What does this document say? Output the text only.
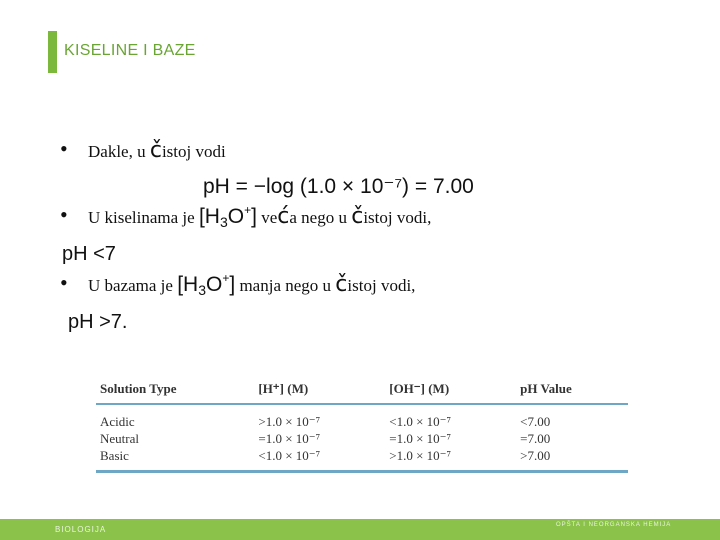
KISELINE I BAZE
• Dakle, u čistoj vodi
pH = −log (1.0 × 10⁻⁷) = 7.00
• U kiselinama je $[H_3O^+]$ veća nego u čistoj vodi,
pH <7
• U bazama je $[H_3O^+]$ manja nego u čistoj vodi,
pH >7.
Solution Type	[H⁺] (M)	[OH⁻] (M)	pH Value
Acidic	>1.0 × 10⁻⁷	<1.0 × 10⁻⁷	<7.00
Neutral	=1.0 × 10⁻⁷	=1.0 × 10⁻⁷	=7.00
Basic	<1.0 × 10⁻⁷	>1.0 × 10⁻⁷	>7.00
BIOLOGIJA	OPŠTA I NEORGANSKA HEMIJA
